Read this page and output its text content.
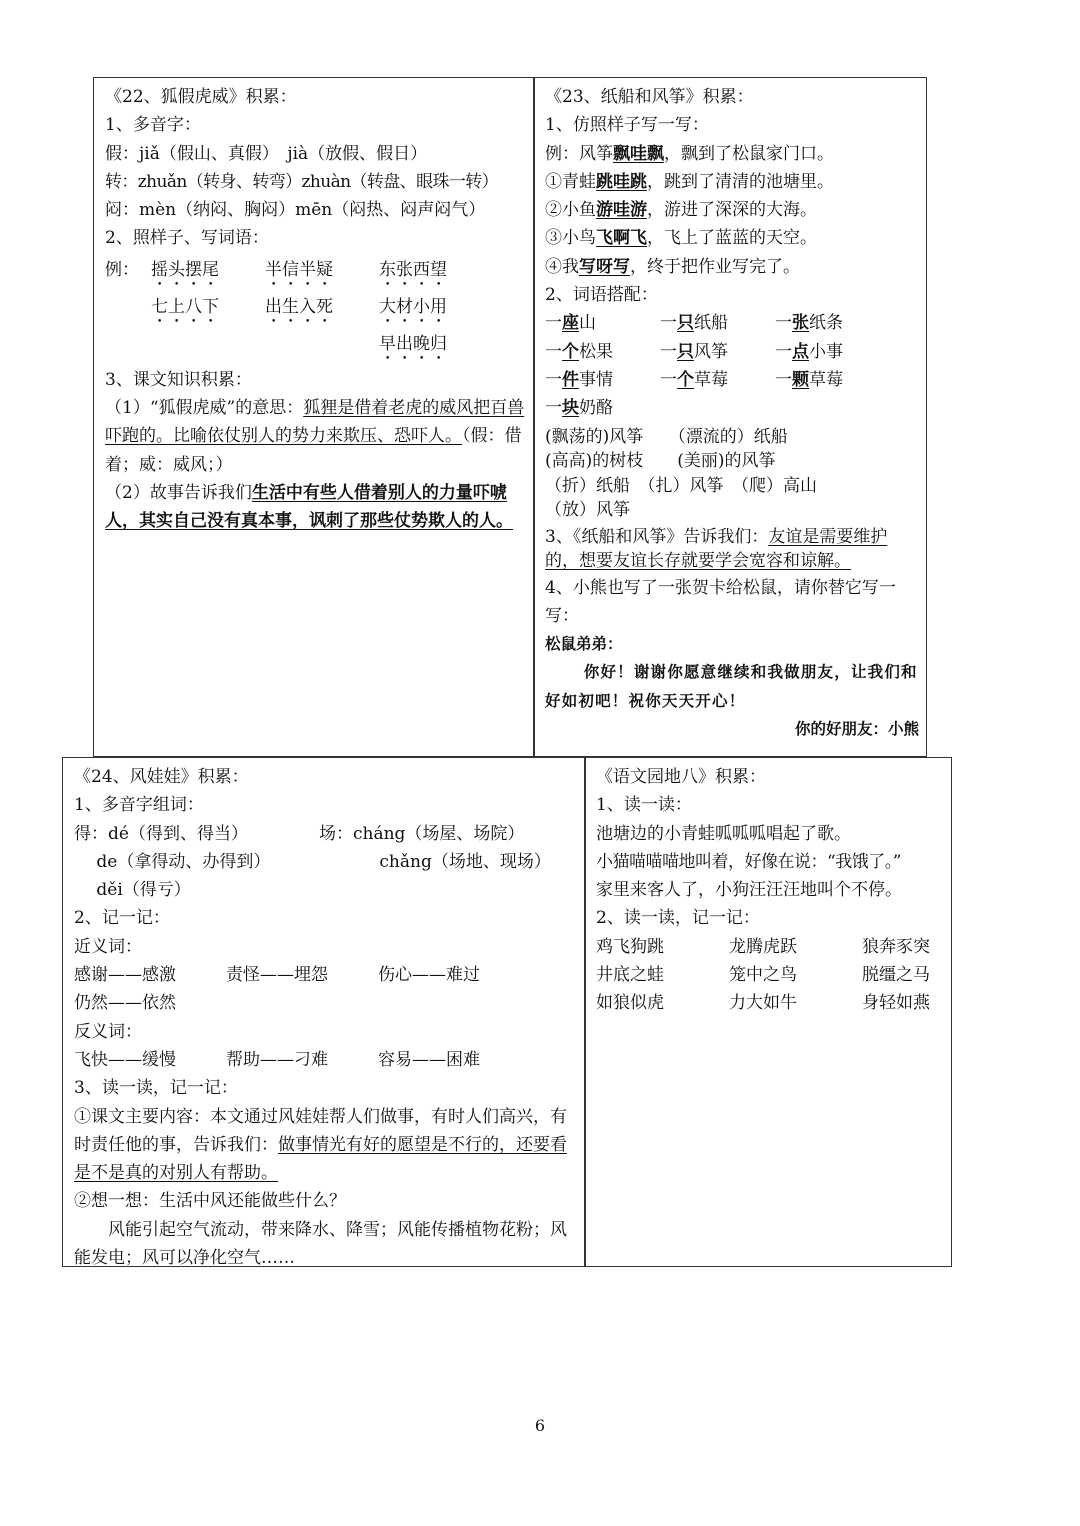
《22、狐假虎威》积累：
1、多音字：
假：jiǎ（假山、真假）　jià（放假、假日）
转：zhuǎn（转身、转弯）zhuàn（转盘、眼珠一转）
闷：mèn（纳闷、胸闷）mēn（闷热、闷声闷气）
2、照样子、写词语：
例： 摇头摆尾	半信半疑	东张西望
七上八下	出生入死	大材小用
早出晚归
3、课文知识积累：
（1）“狐假虎威”的意思：狐狸是借着老虎的威风把百兽吓跑的。比喻依仗别人的势力来欺压、恐吓人。（假：借着；威：威风；）
（2）故事告诉我们生活中有些人借着别人的力量吓唬人，其实自己没有真本事，讽刺了那些仗势欺人的人。
《23、纸船和风筝》积累：
1、仿照样子写一写：
例：风筝飘哇飘，飘到了松鼠家门口。
①青蛙跳哇跳，跳到了清清的池塘里。
②小鱼游哇游，游进了深深的大海。
③小鸟飞啊飞，飞上了蓝蓝的天空。
④我写呀写，终于把作业写完了。
2、词语搭配：
一座山	一只纸船	一张纸条
一个松果	一只风筝	一点小事
一件事情	一个草莓	一颗草莓
一块奶酪
(飘荡的)风筝　　（漂流的）纸船
(高高)的树枝　　(美丽)的风筝
（折）纸船　（扎）风筝　（爬）高山
（放）风筝
3、《纸船和风筝》告诉我们：友谊是需要维护的，想要友谊长存就要学会宽容和谅解。
4、小熊也写了一张贺卡给松鼠，请你替它写一写：
松鼠弟弟：
你好！谢谢你愿意继续和我做朋友，让我们和好如初吧！祝你天天开心！
你的好朋友：小熊
《24、风娃娃》积累：
1、多音字组词：
得：dé（得到、得当）	场：cháng（场屋、场院）
　 de（拿得动、办得到）	　 chǎng（场地、现场）
　 děi（得亏）
2、记一记：
近义词：
感谢——感激	责怪——埋怨	伤心——难过
仍然——依然
反义词：
飞快——缓慢	帮助——刁难	容易——困难
3、读一读，记一记：
①课文主要内容：本文通过风娃娃帮人们做事，有时人们高兴，有时责任他的事，告诉我们：做事情光有好的愿望是不行的，还要看是不是真的对别人有帮助。
②想一想：生活中风还能做些什么？
风能引起空气流动，带来降水、降雪；风能传播植物花粉；风能发电；风可以净化空气……
《语文园地八》积累：
1、读一读：
池塘边的小青蛙呱呱呱唱起了歌。
小猫喵喵喵地叫着，好像在说：“我饿了。”
家里来客人了，小狗汪汪汪地叫个不停。
2、读一读，记一记：
鸡飞狗跳	龙腾虎跃	狼奔豕突
井底之蛙	笼中之鸟	脱缰之马
如狼似虎	力大如牛	身轻如燕
6
